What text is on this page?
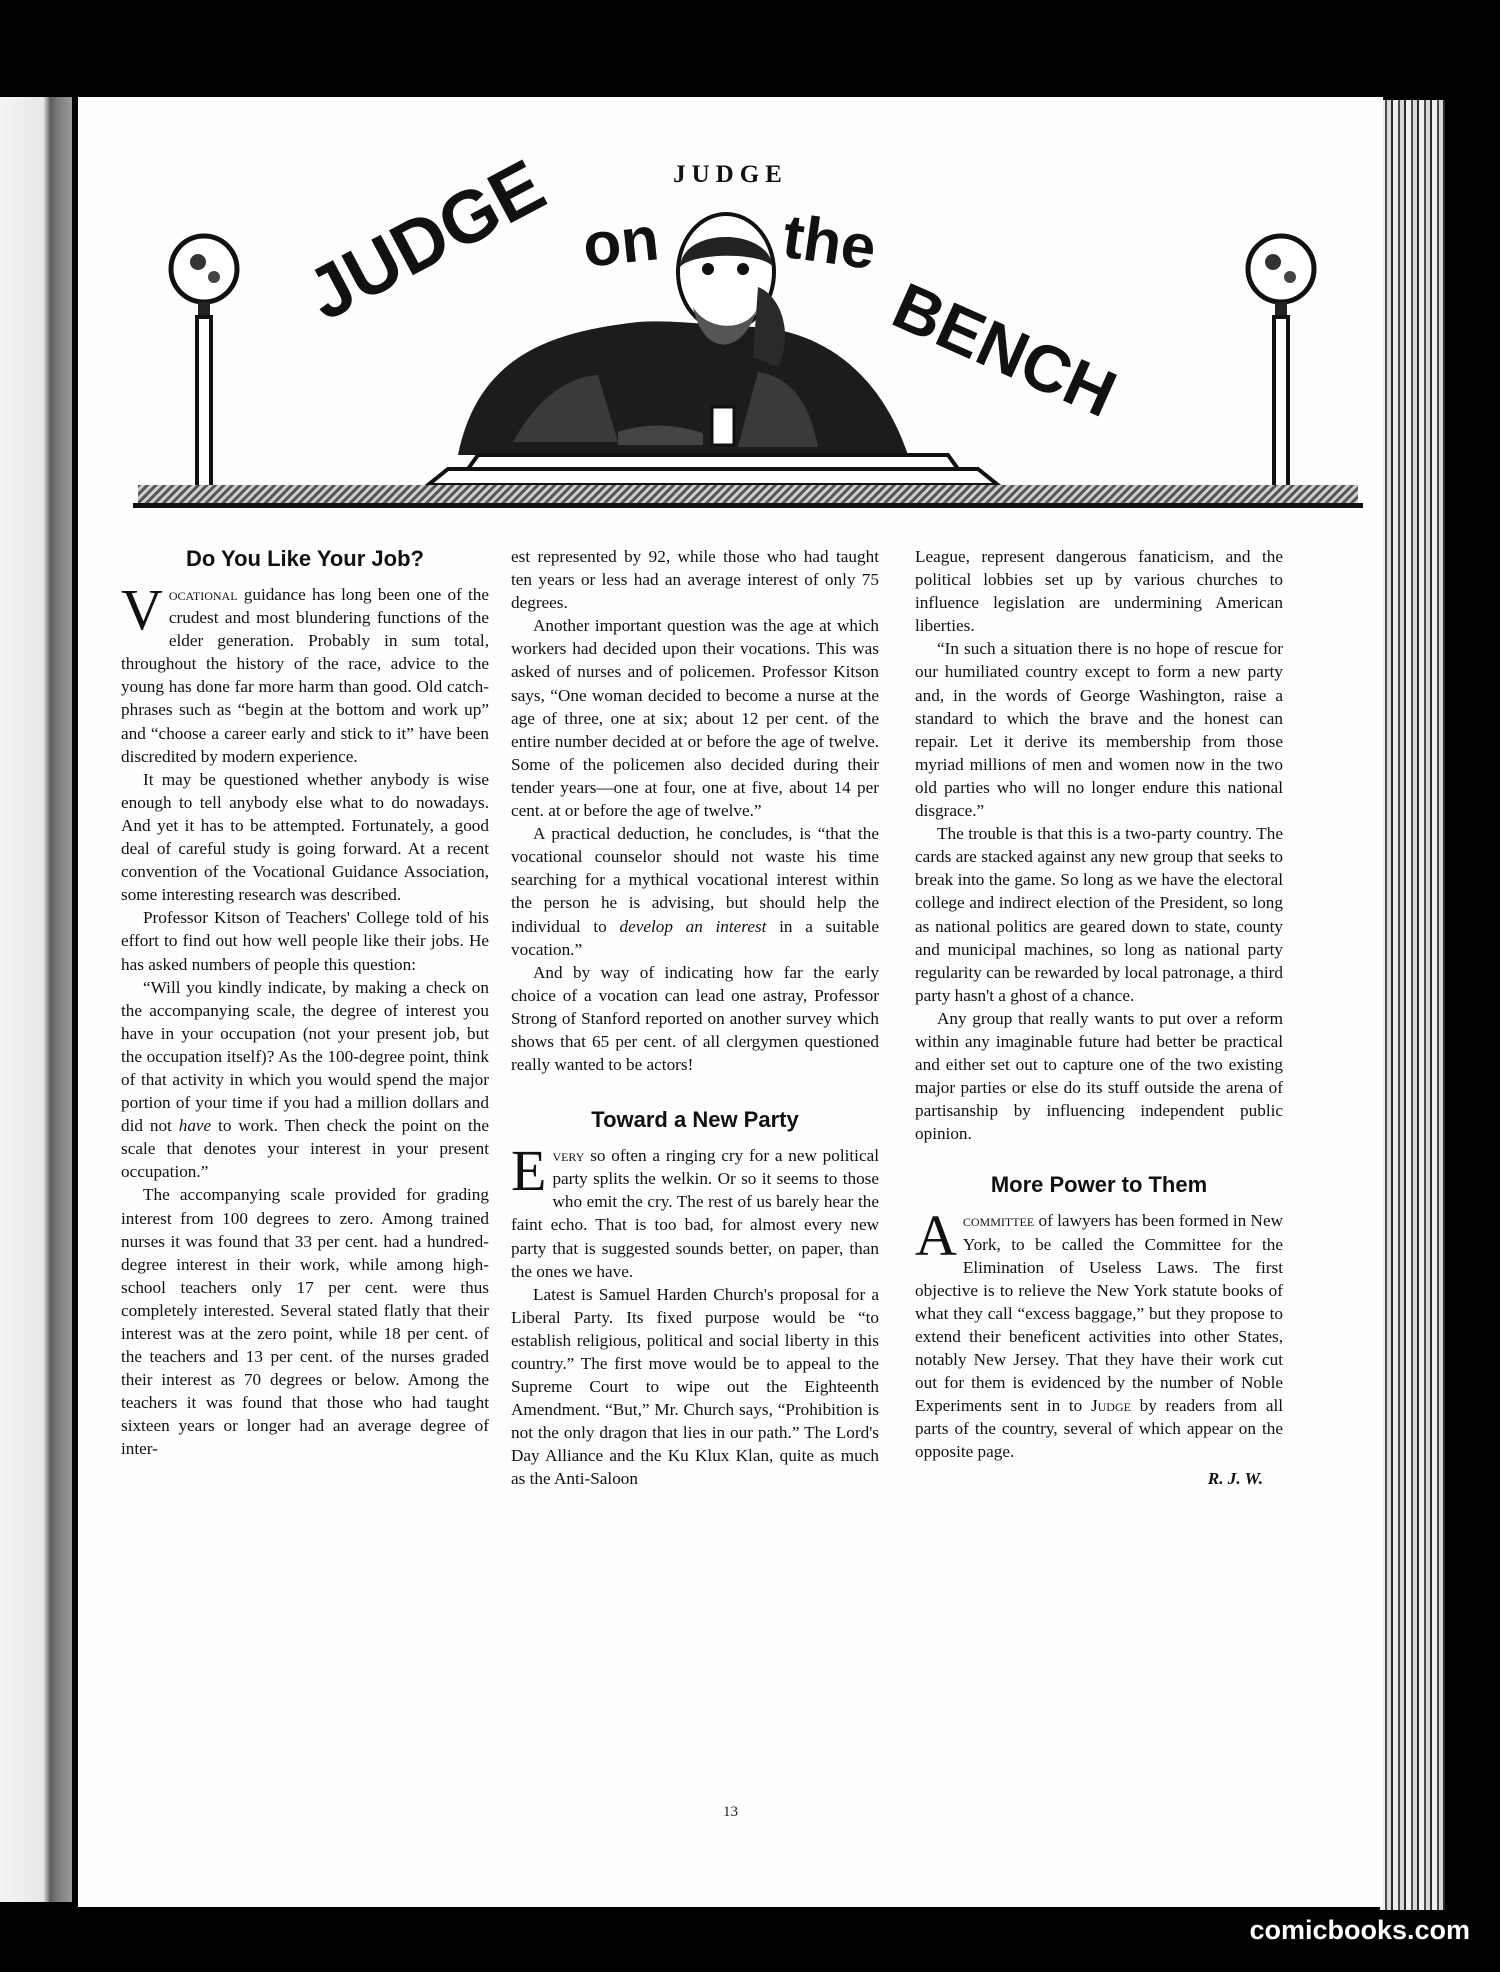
JUDGE
JUDGE on the
BENCH
Do You Like Your Job?

Vocational guidance has long been one of the crudest and most blundering functions of the elder generation. Probably in sum total, throughout the history of the race, advice to the young has done far more harm than good. Old catch-phrases such as “begin at the bottom and work up” and “choose a career early and stick to it” have been discredited by modern experience.

It may be questioned whether anybody is wise enough to tell anybody else what to do nowadays. And yet it has to be attempted. Fortunately, a good deal of careful study is going forward. At a recent convention of the Vocational Guidance Association, some interesting research was described.

Professor Kitson of Teachers' College told of his effort to find out how well people like their jobs. He has asked numbers of people this question:

“Will you kindly indicate, by making a check on the accompanying scale, the degree of interest you have in your occupation (not your present job, but the occupation itself)? As the 100-degree point, think of that activity in which you would spend the major portion of your time if you had a million dollars and did not have to work. Then check the point on the scale that denotes your interest in your present occupation.”

The accompanying scale provided for grading interest from 100 degrees to zero. Among trained nurses it was found that 33 per cent. had a hundred-degree interest in their work, while among high-school teachers only 17 per cent. were thus completely interested. Several stated flatly that their interest was at the zero point, while 18 per cent. of the teachers and 13 per cent. of the nurses graded their interest as 70 degrees or below. Among the teachers it was found that those who had taught sixteen years or longer had an average degree of inter-

est represented by 92, while those who had taught ten years or less had an average interest of only 75 degrees.

Another important question was the age at which workers had decided upon their vocations. This was asked of nurses and of policemen. Professor Kitson says, “One woman decided to become a nurse at the age of three, one at six; about 12 per cent. of the entire number decided at or before the age of twelve. Some of the policemen also decided during their tender years—one at four, one at five, about 14 per cent. at or before the age of twelve.”

A practical deduction, he concludes, is “that the vocational counselor should not waste his time searching for a mythical vocational interest within the person he is advising, but should help the individual to develop an interest in a suitable vocation.”

And by way of indicating how far the early choice of a vocation can lead one astray, Professor Strong of Stanford reported on another survey which shows that 65 per cent. of all clergymen questioned really wanted to be actors!

Toward a New Party

Every so often a ringing cry for a new political party splits the welkin. Or so it seems to those who emit the cry. The rest of us barely hear the faint echo. That is too bad, for almost every new party that is suggested sounds better, on paper, than the ones we have.

Latest is Samuel Harden Church's proposal for a Liberal Party. Its fixed purpose would be “to establish religious, political and social liberty in this country.” The first move would be to appeal to the Supreme Court to wipe out the Eighteenth Amendment. “But,” Mr. Church says, “Prohibition is not the only dragon that lies in our path.” The Lord's Day Alliance and the Ku Klux Klan, quite as much as the Anti-Saloon

League, represent dangerous fanaticism, and the political lobbies set up by various churches to influence legislation are undermining American liberties.

“In such a situation there is no hope of rescue for our humiliated country except to form a new party and, in the words of George Washington, raise a standard to which the brave and the honest can repair. Let it derive its membership from those myriad millions of men and women now in the two old parties who will no longer endure this national disgrace.”

The trouble is that this is a two-party country. The cards are stacked against any new group that seeks to break into the game. So long as we have the electoral college and indirect election of the President, so long as national politics are geared down to state, county and municipal machines, so long as national party regularity can be rewarded by local patronage, a third party hasn't a ghost of a chance.

Any group that really wants to put over a reform within any imaginable future had better be practical and either set out to capture one of the two existing major parties or else do its stuff outside the arena of partisanship by influencing independent public opinion.

More Power to Them

Acommittee of lawyers has been formed in New York, to be called the Committee for the Elimination of Useless Laws. The first objective is to relieve the New York statute books of what they call “excess baggage,” but they propose to extend their beneficent activities into other States, notably New Jersey. That they have their work cut out for them is evidenced by the number of Noble Experiments sent in to Judge by readers from all parts of the country, several of which appear on the opposite page.

R. J. W.
13
comicbooks.com
